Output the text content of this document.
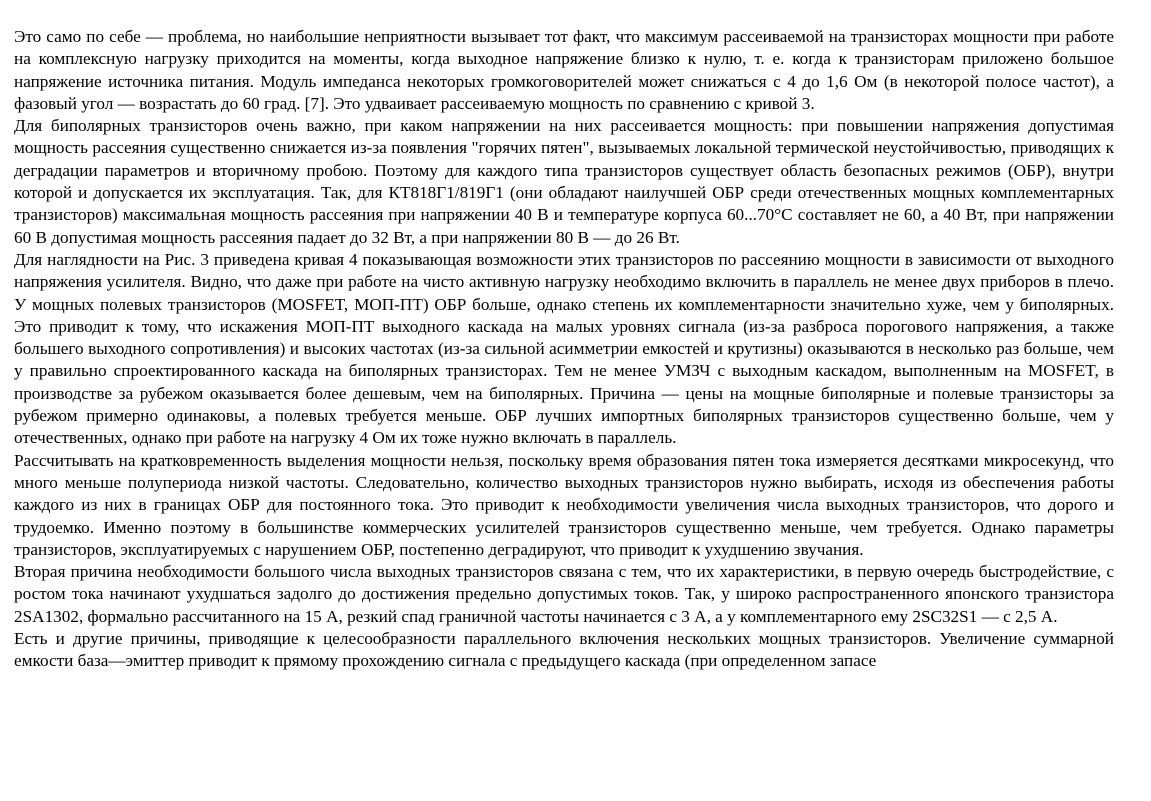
Это само по себе — проблема, но наибольшие неприятности вызывает тот факт, что максимум рассеиваемой на транзисторах мощности при работе на комплексную нагрузку приходится на моменты, когда выходное напряжение близко к нулю, т. е. когда к транзисторам приложено большое напряжение источника питания. Модуль импеданса некоторых громкоговорителей может снижаться с 4 до 1,6 Ом (в некоторой полосе частот), а фазовый угол — возрастать до 60 град. [7]. Это удваивает рассеиваемую мощность по сравнению с кривой 3.

Для биполярных транзисторов очень важно, при каком напряжении на них рассеивается мощность: при повышении напряжения допустимая мощность рассеяния существенно снижается из-за появления "горячих пятен", вызываемых локальной термической неустойчивостью, приводящих к деградации параметров и вторичному пробою. Поэтому для каждого типа транзисторов существует область безопасных режимов (ОБР), внутри которой и допускается их эксплуатация. Так, для КТ818Г1/819Г1 (они обладают наилучшей ОБР среди отечественных мощных комплементарных транзисторов) максимальная мощность рассеяния при напряжении 40 В и температуре корпуса 60...70°С составляет не 60, а 40 Вт, при напряжении 60 В допустимая мощность рассеяния падает до 32 Вт, а при напряжении 80 В — до 26 Вт.

Для наглядности на Рис. 3 приведена кривая 4 показывающая возможности этих транзисторов по рассеянию мощности в зависимости от выходного напряжения усилителя. Видно, что даже при работе на чисто активную нагрузку необходимо включить в параллель не менее двух приборов в плечо. У мощных полевых транзисторов (MOSFET, МОП-ПТ) ОБР больше, однако степень их комплементарности значительно хуже, чем у биполярных. Это приводит к тому, что искажения МОП-ПТ выходного каскада на малых уровнях сигнала (из-за разброса порогового напряжения, а также большего выходного сопротивления) и высоких частотах (из-за сильной асимметрии емкостей и крутизны) оказываются в несколько раз больше, чем у правильно спроектированного каскада на биполярных транзисторах. Тем не менее УМЗЧ с выходным каскадом, выполненным на MOSFET, в производстве за рубежом оказывается более дешевым, чем на биполярных. Причина — цены на мощные биполярные и полевые транзисторы за рубежом примерно одинаковы, а полевых требуется меньше. ОБР лучших импортных биполярных транзисторов существенно больше, чем у отечественных, однако при работе на нагрузку 4 Ом их тоже нужно включать в параллель.

Рассчитывать на кратковременность выделения мощности нельзя, поскольку время образования пятен тока измеряется десятками микросекунд, что много меньше полупериода низкой частоты. Следовательно, количество выходных транзисторов нужно выбирать, исходя из обеспечения работы каждого из них в границах ОБР для постоянного тока. Это приводит к необходимости увеличения числа выходных транзисторов, что дорого и трудоемко. Именно поэтому в большинстве коммерческих усилителей транзисторов существенно меньше, чем требуется. Однако параметры транзисторов, эксплуатируемых с нарушением ОБР, постепенно деградируют, что приводит к ухудшению звучания.

Вторая причина необходимости большого числа выходных транзисторов связана с тем, что их характеристики, в первую очередь быстродействие, с ростом тока начинают ухудшаться задолго до достижения предельно допустимых токов. Так, у широко распространенного японского транзистора 2SA1302, формально рассчитанного на 15 А, резкий спад граничной частоты начинается с 3 А, а у комплементарного ему 2SC32S1 — с 2,5 А.

Есть и другие причины, приводящие к целесообразности параллельного включения нескольких мощных транзисторов. Увеличение суммарной емкости база—эмиттер приводит к прямому прохождению сигнала с предыдущего каскада (при определенном запасе
